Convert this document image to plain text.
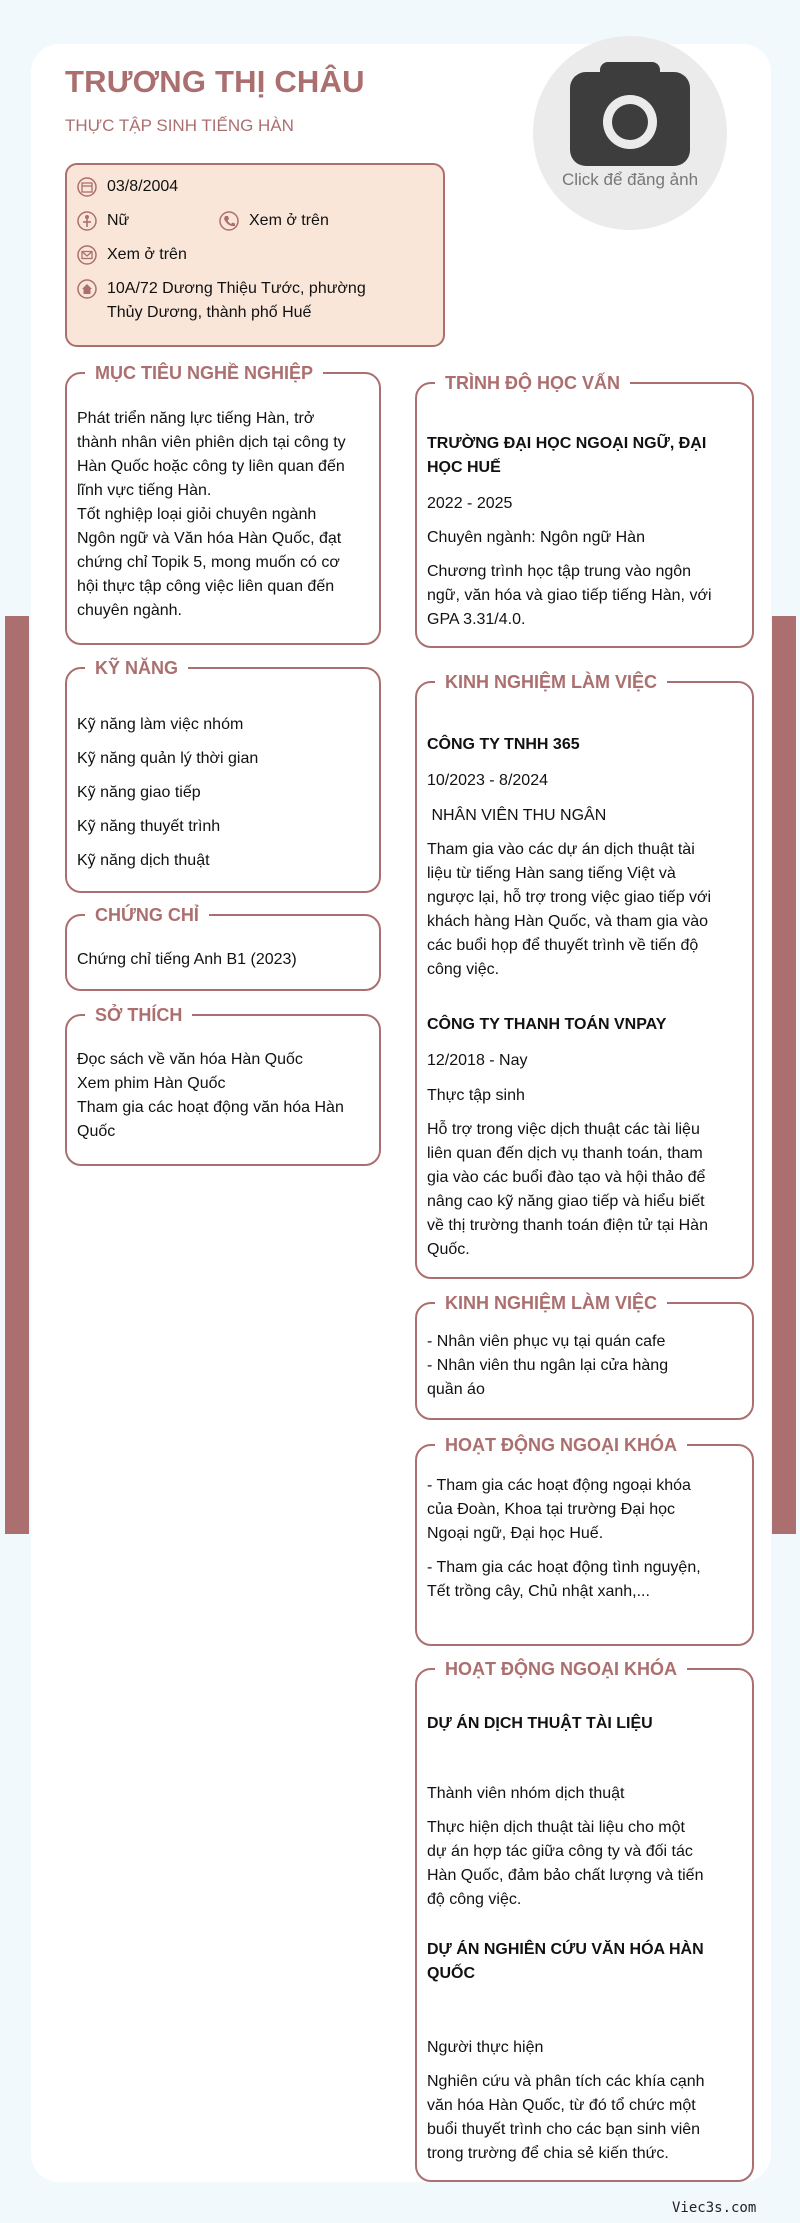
TRƯƠNG THỊ CHÂU
THỰC TẬP SINH TIẾNG HÀN
Click để đăng ảnh
03/8/2004
Nữ	Xem ở trên
Xem ở trên
10A/72 Dương Thiệu Tước, phường
Thủy Dương, thành phố Huế
MỤC TIÊU NGHỀ NGHIỆP
Phát triển năng lực tiếng Hàn, trở
thành nhân viên phiên dịch tại công ty
Hàn Quốc hoặc công ty liên quan đến
lĩnh vực tiếng Hàn.
Tốt nghiệp loại giỏi chuyên ngành
Ngôn ngữ và Văn hóa Hàn Quốc, đạt
chứng chỉ Topik 5, mong muốn có cơ
hội thực tập công việc liên quan đến
chuyên ngành.
KỸ NĂNG
Kỹ năng làm việc nhóm
Kỹ năng quản lý thời gian
Kỹ năng giao tiếp
Kỹ năng thuyết trình
Kỹ năng dịch thuật
CHỨNG CHỈ
Chứng chỉ tiếng Anh B1 (2023)
SỞ THÍCH
Đọc sách về văn hóa Hàn Quốc
Xem phim Hàn Quốc
Tham gia các hoạt động văn hóa Hàn
Quốc
TRÌNH ĐỘ HỌC VẤN
TRƯỜNG ĐẠI HỌC NGOẠI NGỮ, ĐẠI
HỌC HUẾ
2022 - 2025
Chuyên ngành: Ngôn ngữ Hàn
Chương trình học tập trung vào ngôn
ngữ, văn hóa và giao tiếp tiếng Hàn, với
GPA 3.31/4.0.
KINH NGHIỆM LÀM VIỆC
CÔNG TY TNHH 365
10/2023 - 8/2024
NHÂN VIÊN THU NGÂN
Tham gia vào các dự án dịch thuật tài
liệu từ tiếng Hàn sang tiếng Việt và
ngược lại, hỗ trợ trong việc giao tiếp với
khách hàng Hàn Quốc, và tham gia vào
các buổi họp để thuyết trình về tiến độ
công việc.
CÔNG TY THANH TOÁN VNPAY
12/2018 - Nay
Thực tập sinh
Hỗ trợ trong việc dịch thuật các tài liệu
liên quan đến dịch vụ thanh toán, tham
gia vào các buổi đào tạo và hội thảo để
nâng cao kỹ năng giao tiếp và hiểu biết
về thị trường thanh toán điện tử tại Hàn
Quốc.
KINH NGHIỆM LÀM VIỆC
- Nhân viên phục vụ tại quán cafe
- Nhân viên thu ngân lại cửa hàng
quần áo
HOẠT ĐỘNG NGOẠI KHÓA
- Tham gia các hoạt động ngoại khóa
của Đoàn, Khoa tại trường Đại học
Ngoại ngữ, Đại học Huế.
- Tham gia các hoạt động tình nguyện,
Tết trồng cây, Chủ nhật xanh,...
HOẠT ĐỘNG NGOẠI KHÓA
DỰ ÁN DỊCH THUẬT TÀI LIỆU
Thành viên nhóm dịch thuật
Thực hiện dịch thuật tài liệu cho một
dự án hợp tác giữa công ty và đối tác
Hàn Quốc, đảm bảo chất lượng và tiến
độ công việc.
DỰ ÁN NGHIÊN CỨU VĂN HÓA HÀN
QUỐC
Người thực hiện
Nghiên cứu và phân tích các khía cạnh
văn hóa Hàn Quốc, từ đó tổ chức một
buổi thuyết trình cho các bạn sinh viên
trong trường để chia sẻ kiến thức.
Viec3s.com
